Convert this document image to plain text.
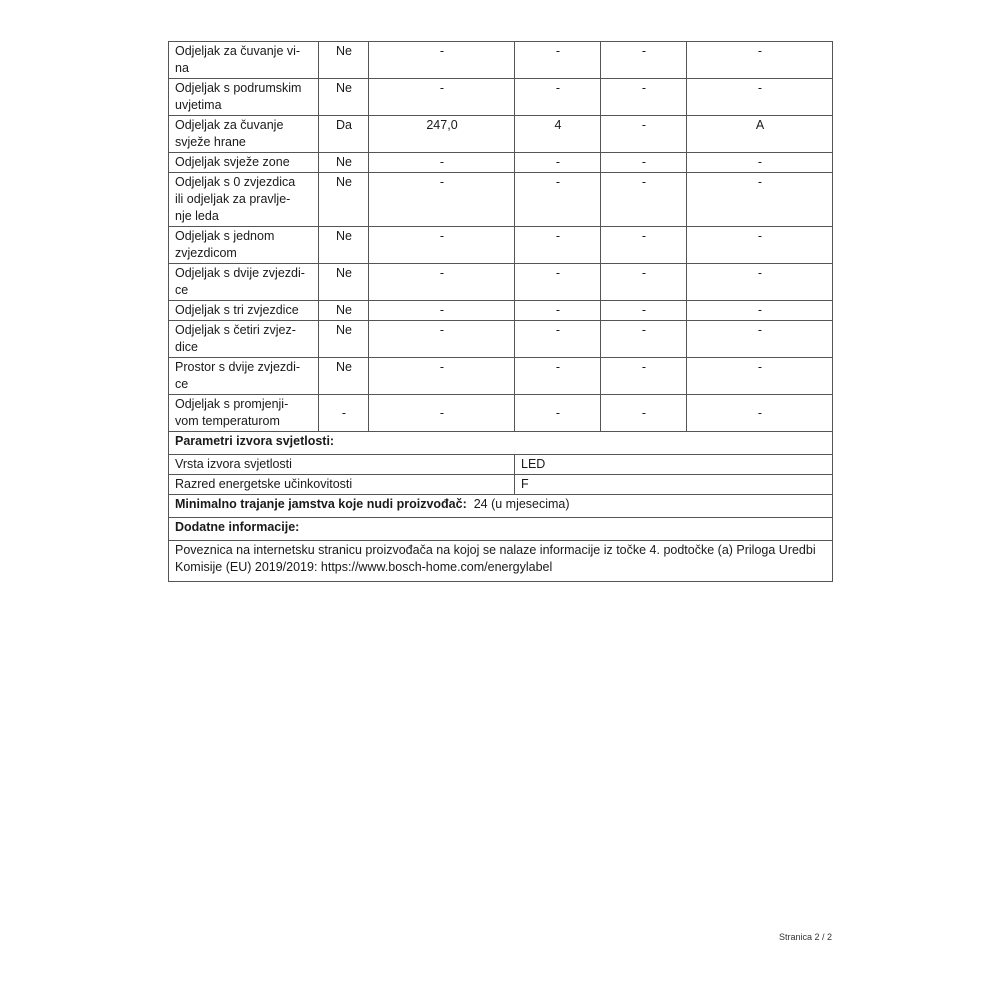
Odjeljak za čuvanje vi-
na	Ne	-	-	-	-
Odjeljak s podrumskim
uvjetima	Ne	-	-	-	-
Odjeljak za čuvanje
svježe hrane	Da	247,0	4	-	A
Odjeljak svježe zone	Ne	-	-	-	-
Odjeljak s 0 zvjezdica
ili odjeljak za pravlje-
nje leda	Ne	-	-	-	-
Odjeljak s jednom
zvjezdicom	Ne	-	-	-	-
Odjeljak s dvije zvjezdi-
ce	Ne	-	-	-	-
Odjeljak s tri zvjezdice	Ne	-	-	-	-
Odjeljak s četiri zvjez-
dice	Ne	-	-	-	-
Prostor s dvije zvjezdi-
ce	Ne	-	-	-	-
Odjeljak s promjenji-
vom temperaturom	-	-	-	-	-
Parametri izvora svjetlosti:					
Vrsta izvora svjetlosti			LED		
Razred energetske učinkovitosti			F		
Minimalno trajanje jamstva koje nudi proizvođač: 24 (u mjesecima)					
Dodatne informacije:					
Poveznica na internetsku stranicu proizvođača na kojoj se nalaze informacije iz točke 4. podtočke (a) Priloga Uredbi Komisije (EU) 2019/2019: https://www.bosch-home.com/energylabel					
Stranica 2 / 2
